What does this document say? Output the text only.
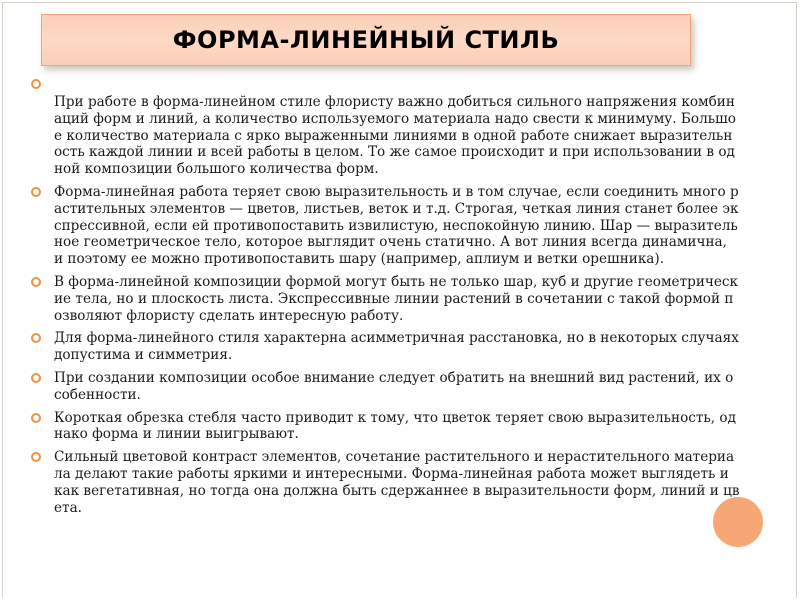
ФОРМА-ЛИНЕЙНЫЙ СТИЛЬ
При работе в форма-линейном стиле флористу важно добиться сильного напряжения комбинаций форм и линий, а количество используемого материала надо свести к минимуму. Большое количество материала с ярко выраженными линиями в одной работе снижает выразительность каждой линии и всей работы в целом. То же самое происходит и при использовании в одной композиции большого количества форм.
Форма-линейная работа теряет свою выразительность и в том случае, если соединить много растительных элементов — цветов, листьев, веток и т.д. Строгая, четкая линия станет более экспрессивной, если ей противопоставить извилистую, неспокойную линию. Шар — выразительное геометрическое тело, которое выглядит очень статично. А вот линия всегда динамична, и поэтому ее можно противопоставить шару (например, аплиум и ветки орешника).
В форма-линейной композиции формой могут быть не только шар, куб и другие геометрические тела, но и плоскость листа. Экспрессивные линии растений в сочетании с такой формой позволяют флористу сделать интересную работу.
Для форма-линейного стиля характерна асимметричная расстановка, но в некоторых случаях допустима и симметрия.
При создании композиции особое внимание следует обратить на внешний вид растений, их особенности.
Короткая обрезка стебля часто приводит к тому, что цветок теряет свою выразительность, однако форма и линии выигрывают.
Сильный цветовой контраст элементов, сочетание растительного и нерастительного материала делают такие работы яркими и интересными. Форма-линейная работа может выглядеть и как вегетативная, но тогда она должна быть сдержаннее в выразительности форм, линий и цвета.
